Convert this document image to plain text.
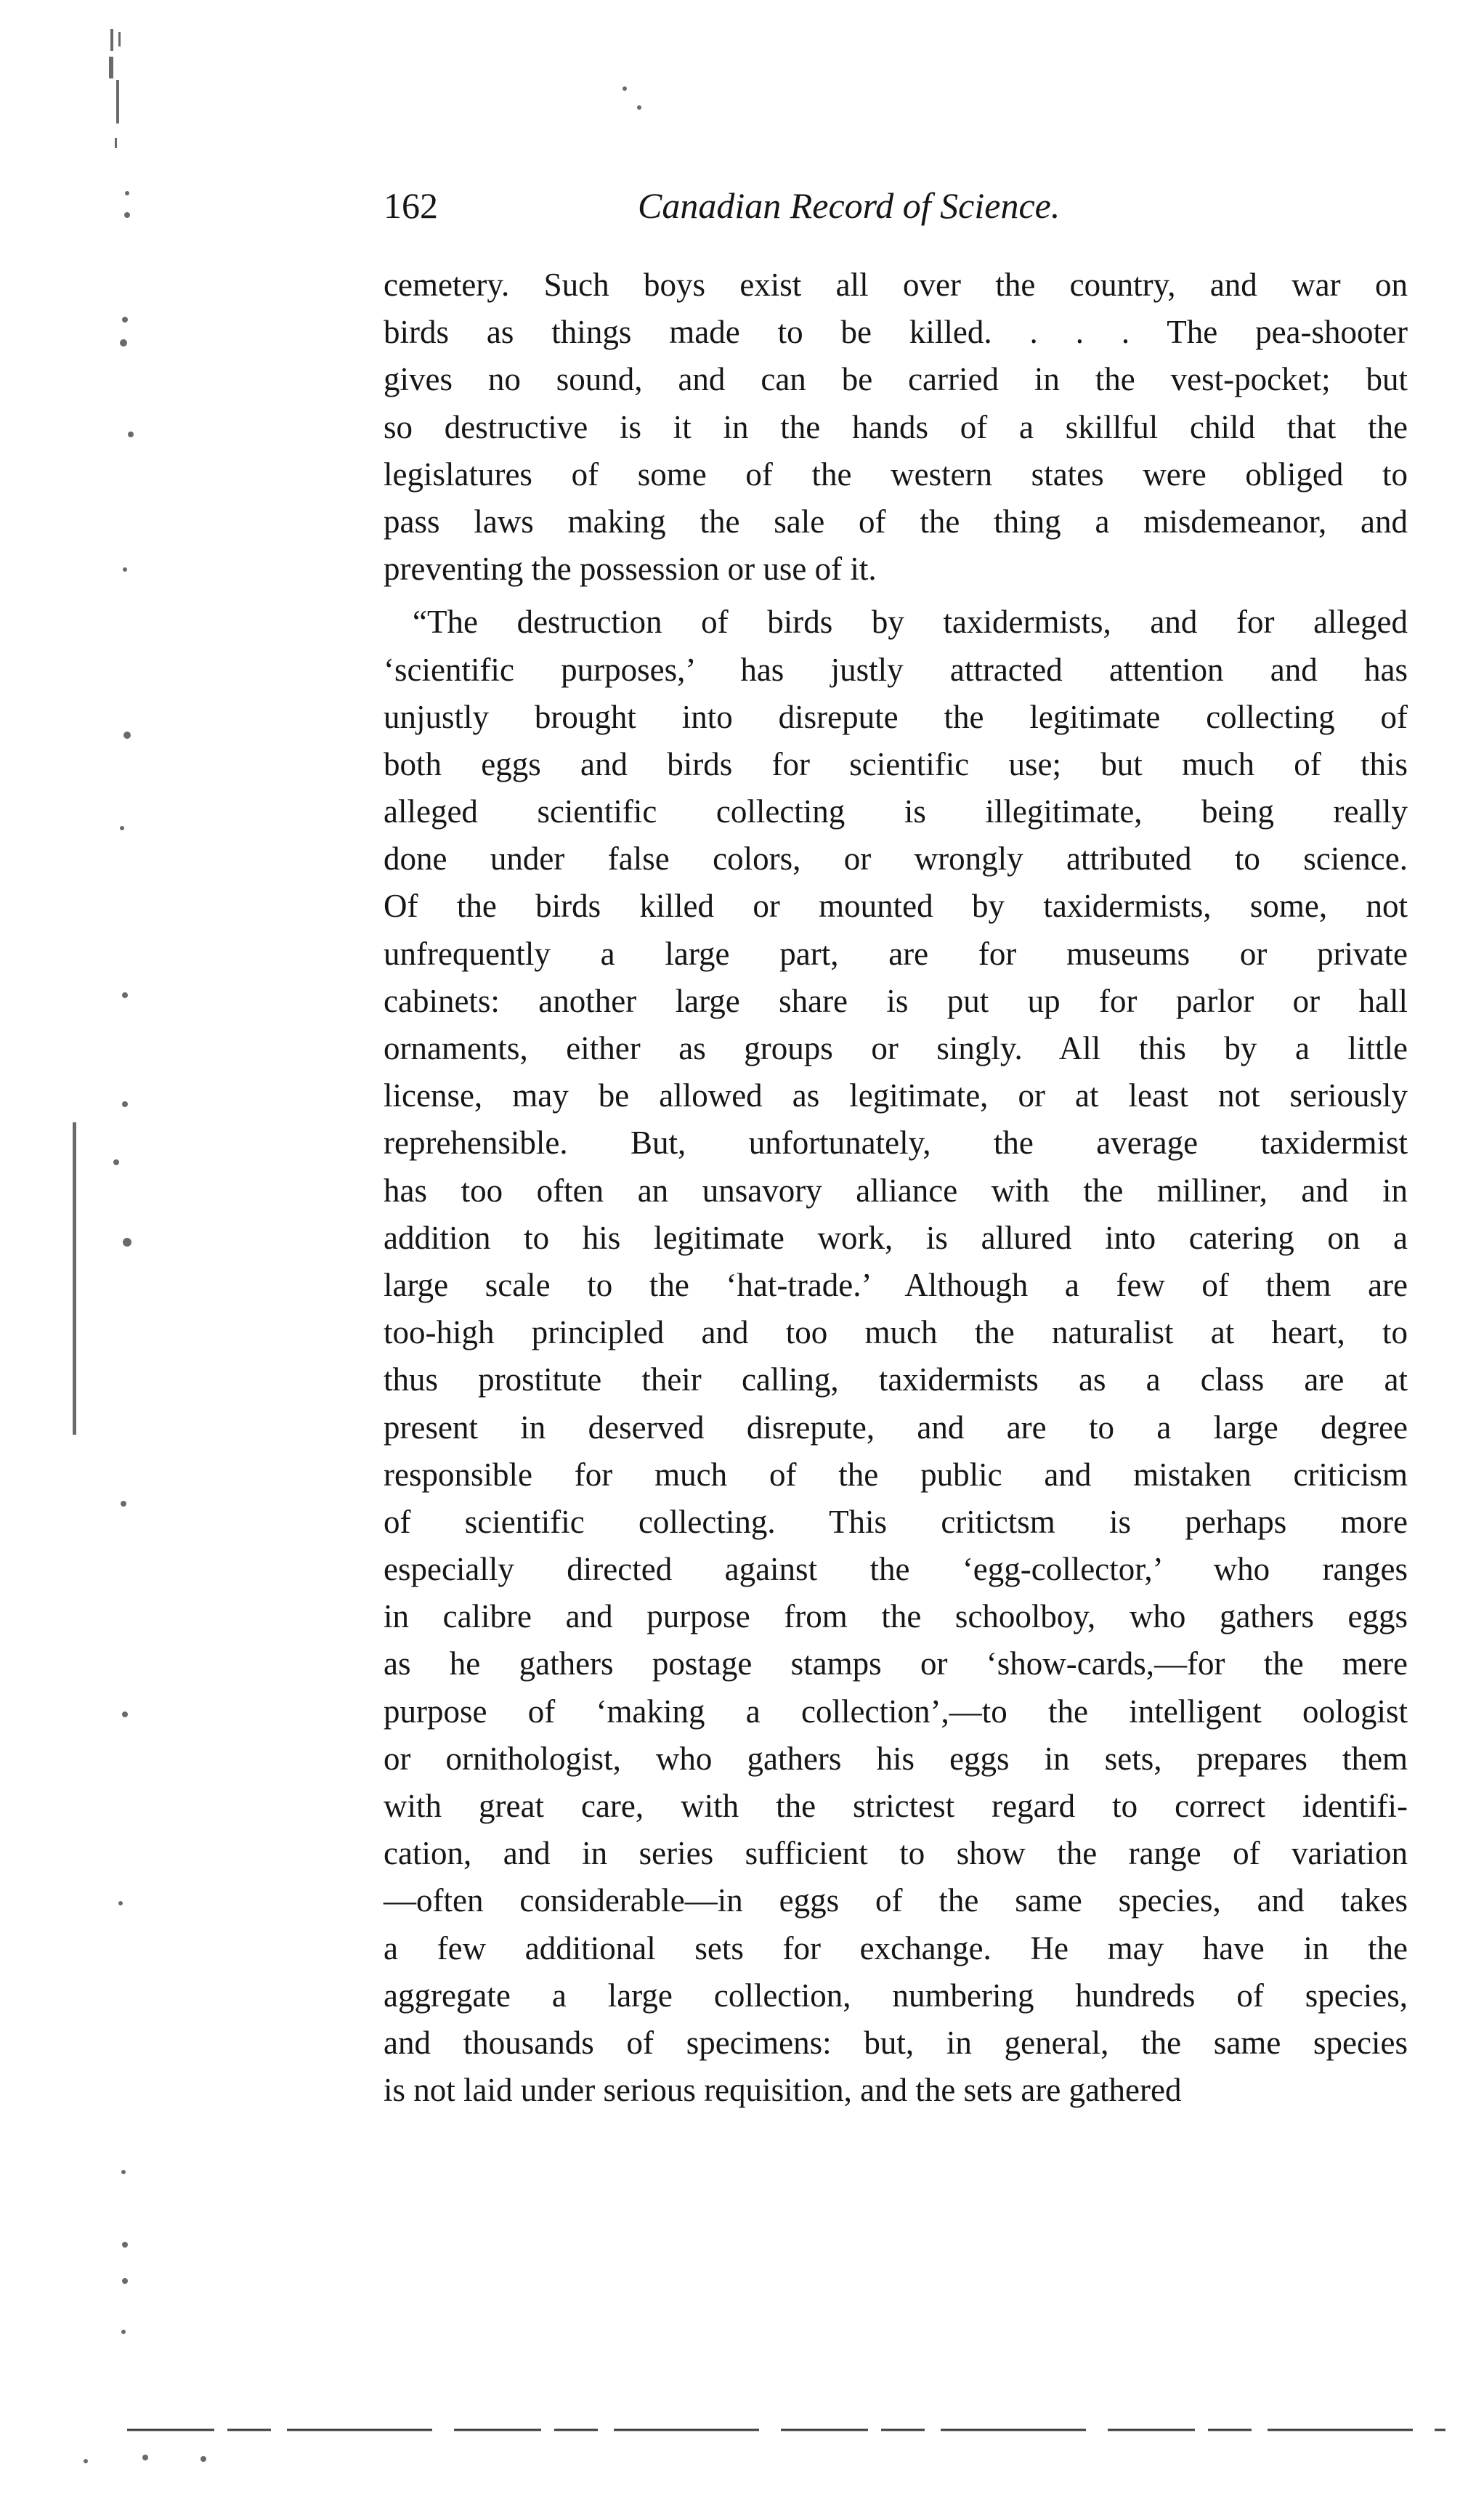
162	Canadian Record of Science.
cemetery. Such boys exist all over the country, and war on
birds as things made to be killed. . . . The pea-shooter
gives no sound, and can be carried in the vest-pocket; but
so destructive is it in the hands of a skillful child that the
legislatures of some of the western states were obliged to
pass laws making the sale of the thing a misdemeanor, and
preventing the possession or use of it.
“The destruction of birds by taxidermists, and for alleged
‘scientific purposes,’ has justly attracted attention and has
unjustly brought into disrepute the legitimate collecting of
both eggs and birds for scientific use; but much of this
alleged scientific collecting is illegitimate, being really
done under false colors, or wrongly attributed to science.
Of the birds killed or mounted by taxidermists, some, not
unfrequently a large part, are for museums or private
cabinets: another large share is put up for parlor or hall
ornaments, either as groups or singly. All this by a little
license, may be allowed as legitimate, or at least not seriously
reprehensible. But, unfortunately, the average taxidermist
has too often an unsavory alliance with the milliner, and in
addition to his legitimate work, is allured into catering on a
large scale to the ‘hat-trade.’ Although a few of them are
too-high principled and too much the naturalist at heart, to
thus prostitute their calling, taxidermists as a class are at
present in deserved disrepute, and are to a large degree
responsible for much of the public and mistaken criticism
of scientific collecting. This critictsm is perhaps more
especially directed against the ‘egg-collector,’ who ranges
in calibre and purpose from the schoolboy, who gathers eggs
as he gathers postage stamps or ‘show-cards,—for the mere
purpose of ‘making a collection’,—to the intelligent oologist
or ornithologist, who gathers his eggs in sets, prepares them
with great care, with the strictest regard to correct identifi-
cation, and in series sufficient to show the range of variation
—often considerable—in eggs of the same species, and takes
a few additional sets for exchange. He may have in the
aggregate a large collection, numbering hundreds of species,
and thousands of specimens: but, in general, the same species
is not laid under serious requisition, and the sets are gathered
